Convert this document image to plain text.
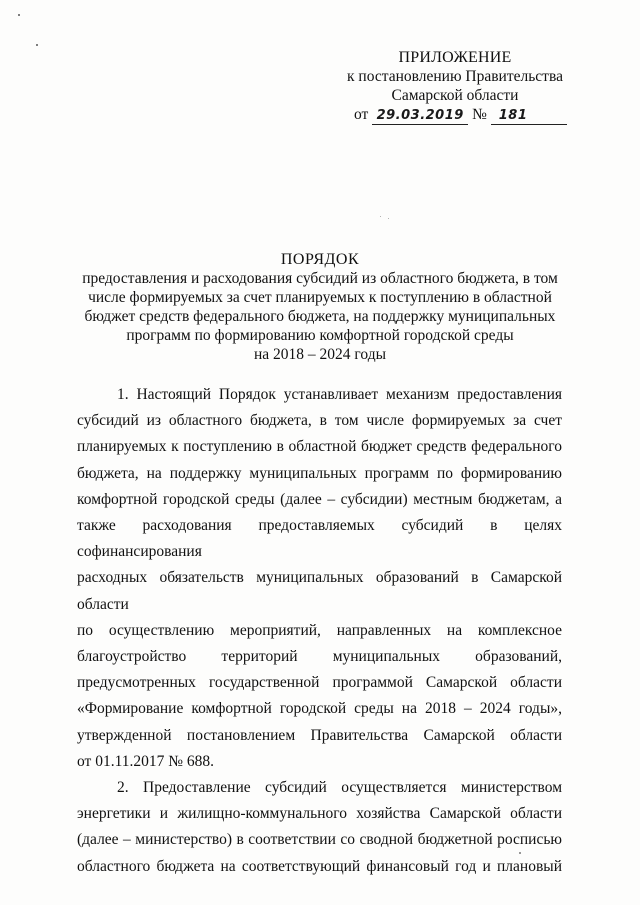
ПРИЛОЖЕНИЕ
к постановлению Правительства
Самарской области
от 29.03.2019 № 181
ПОРЯДОК
предоставления и расходования субсидий из областного бюджета, в том
числе формируемых за счет планируемых к поступлению в областной
бюджет средств федерального бюджета, на поддержку муниципальных
программ по формированию комфортной городской среды
на 2018 – 2024 годы
1. Настоящий Порядок устанавливает механизм предоставления
субсидий из областного бюджета, в том числе формируемых за счет
планируемых к поступлению в областной бюджет средств федерального
бюджета, на поддержку муниципальных программ по формированию
комфортной городской среды (далее – субсидии) местным бюджетам, а
также расходования предоставляемых субсидий в целях софинансирования
расходных обязательств муниципальных образований в Самарской области
по осуществлению мероприятий, направленных на комплексное
благоустройство территорий муниципальных образований,
предусмотренных государственной программой Самарской области
«Формирование комфортной городской среды на 2018 – 2024 годы»,
утвержденной постановлением Правительства Самарской области
от 01.11.2017 № 688.
2. Предоставление субсидий осуществляется министерством
энергетики и жилищно-коммунального хозяйства Самарской области
(далее – министерство) в соответствии со сводной бюджетной росписью
областного бюджета на соответствующий финансовый год и плановый
